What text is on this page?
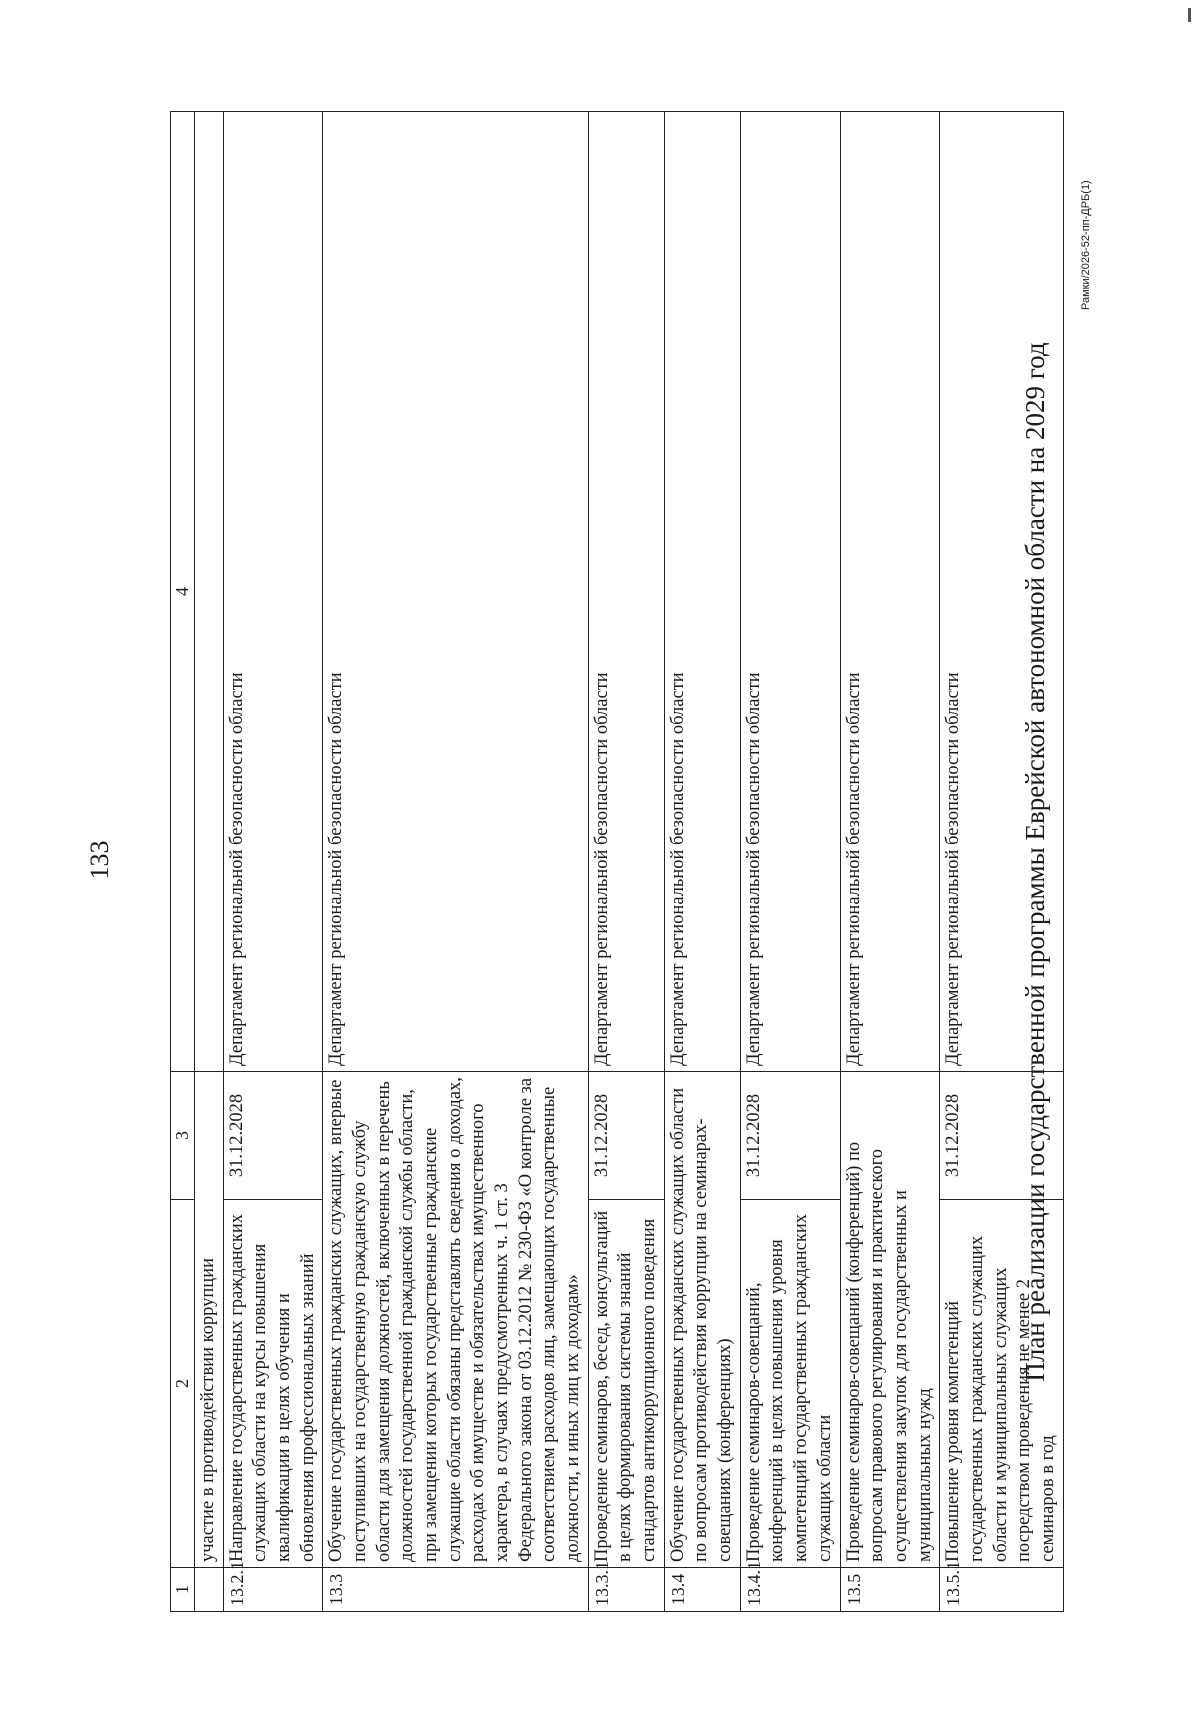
133
1	2	3	4
	участие в противодействии коррупции		
13.2.1	Направление государственных гражданских служащих области на курсы повышения квалификации в целях обучения и обновления профессиональных знаний	31.12.2028	Департамент региональной безопасности области
13.3	Обучение государственных гражданских служащих, впервые поступивших на государственную гражданскую службу области для замещения должностей, включенных в перечень должностей государственной гражданской службы области, при замещении которых государственные гражданские служащие области обязаны представлять сведения о доходах, расходах об имуществе и обязательствах имущественного характера, в случаях предусмотренных ч. 1 ст. 3 Федерального закона от 03.12.2012 № 230-ФЗ «О контроле за соответствием расходов лиц, замещающих государственные должности, и иных лиц их доходам»		Департамент региональной безопасности области
13.3.1	Проведение семинаров, бесед, консультаций в целях формирования системы знаний стандартов антикоррупционного поведения	31.12.2028	Департамент региональной безопасности области
13.4	Обучение государственных гражданских служащих области по вопросам противодействия коррупции на семинарах-совещаниях (конференциях)		Департамент региональной безопасности области
13.4.1	Проведение семинаров-совещаний, конференций в целях повышения уровня компетенций государственных гражданских служащих области	31.12.2028	Департамент региональной безопасности области
13.5	Проведение семинаров-совещаний (конференций) по вопросам правового регулирования и практического осуществления закупок для государственных и муниципальных нужд		Департамент региональной безопасности области
13.5.1	Повышение уровня компетенций государственных гражданских служащих области и муниципальных служащих посредством проведения не менее 2 семинаров в год	31.12.2028	Департамент региональной безопасности области План реализации государственной программы Еврейской автономной области на 2029 год
Рамки/2026-52-пп-ДРБ(1)
